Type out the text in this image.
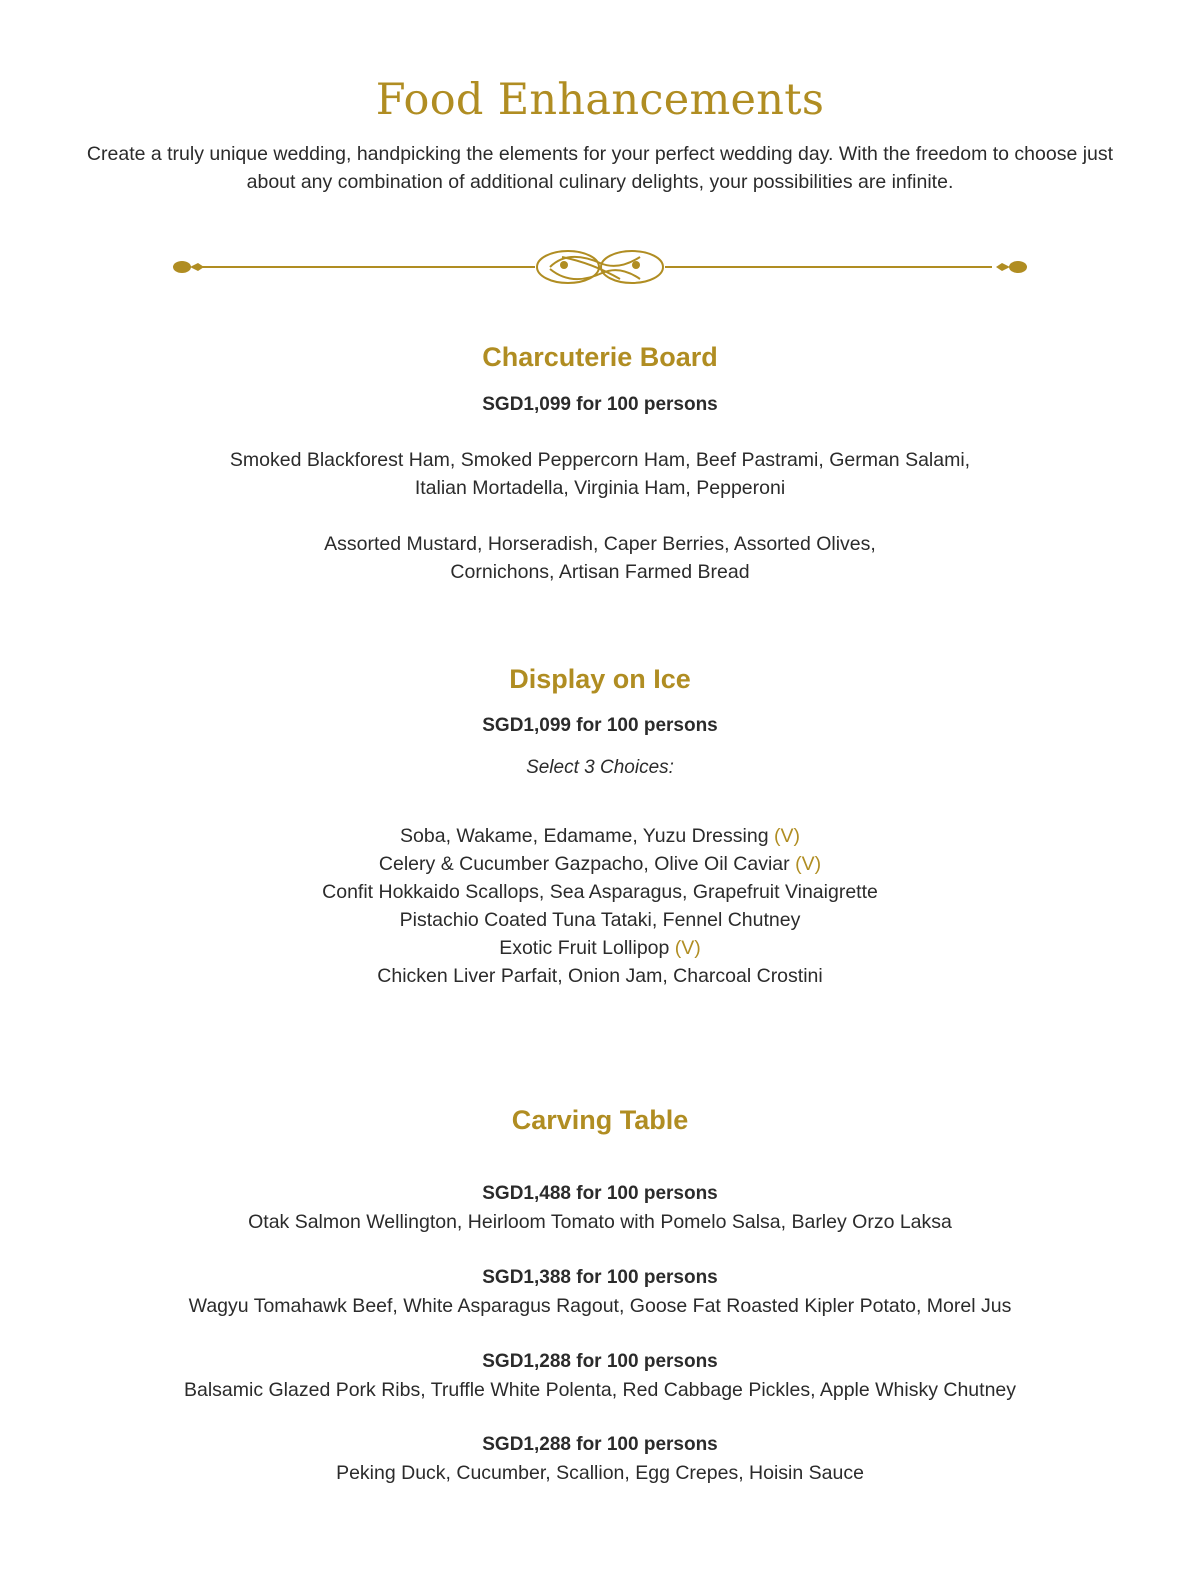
Food Enhancements
Create a truly unique wedding, handpicking the elements for your perfect wedding day. With the freedom to choose just
about any combination of additional culinary delights, your possibilities are infinite.
Charcuterie Board
SGD1,099 for 100 persons
Smoked Blackforest Ham, Smoked Peppercorn Ham, Beef Pastrami, German Salami,
Italian Mortadella, Virginia Ham, Pepperoni
Assorted Mustard, Horseradish, Caper Berries, Assorted Olives,
Cornichons, Artisan Farmed Bread
Display on Ice
SGD1,099 for 100 persons
Select 3 Choices:
Soba, Wakame, Edamame, Yuzu Dressing (V)
Celery & Cucumber Gazpacho, Olive Oil Caviar (V)
Confit Hokkaido Scallops, Sea Asparagus, Grapefruit Vinaigrette
Pistachio Coated Tuna Tataki, Fennel Chutney
Exotic Fruit Lollipop (V)
Chicken Liver Parfait, Onion Jam, Charcoal Crostini
Carving Table
SGD1,488 for 100 persons
Otak Salmon Wellington, Heirloom Tomato with Pomelo Salsa, Barley Orzo Laksa
SGD1,388 for 100 persons
Wagyu Tomahawk Beef, White Asparagus Ragout, Goose Fat Roasted Kipler Potato, Morel Jus
SGD1,288 for 100 persons
Balsamic Glazed Pork Ribs, Truffle White Polenta, Red Cabbage Pickles, Apple Whisky Chutney
SGD1,288 for 100 persons
Peking Duck, Cucumber, Scallion, Egg Crepes, Hoisin Sauce
